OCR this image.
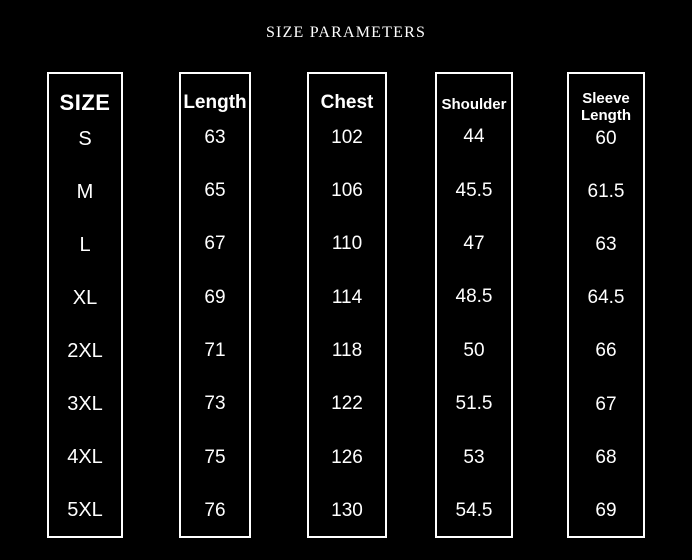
SIZE PARAMETERS
SIZE
S
M
L
XL
2XL
3XL
4XL
5XL
Length
63
65
67
69
71
73
75
76
Chest
102
106
110
114
118
122
126
130
Shoulder
44
45.5
47
48.5
50
51.5
53
54.5
Sleeve
Length
60
61.5
63
64.5
66
67
68
69
